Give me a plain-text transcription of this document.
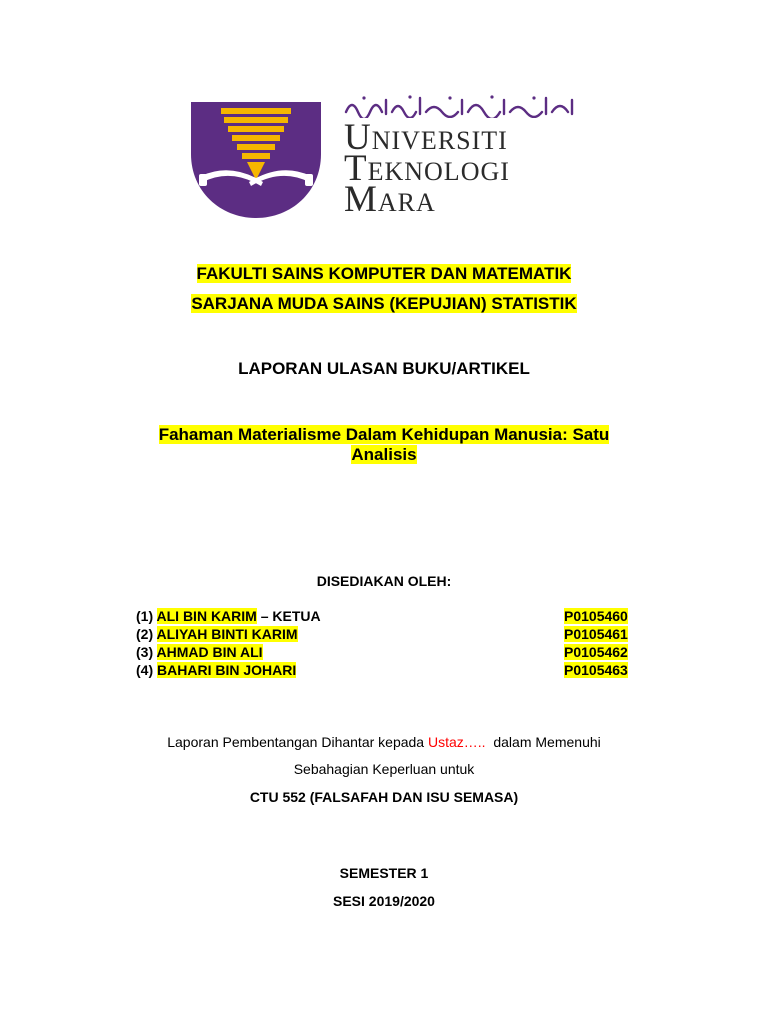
Universiti
Teknologi
Mara
FAKULTI SAINS KOMPUTER DAN MATEMATIK
SARJANA MUDA SAINS (KEPUJIAN) STATISTIK
LAPORAN ULASAN BUKU/ARTIKEL
Fahaman Materialisme Dalam Kehidupan Manusia: Satu
Analisis
DISEDIAKAN OLEH:
(1) ALI BIN KARIM – KETUA	P0105460
(2) ALIYAH BINTI KARIM	P0105461
(3) AHMAD BIN ALI	P0105462
(4) BAHARI BIN JOHARI	P0105463
Laporan Pembentangan Dihantar kepada Ustaz….. dalam Memenuhi
Sebahagian Keperluan untuk
CTU 552 (FALSAFAH DAN ISU SEMASA)
SEMESTER 1
SESI 2019/2020
